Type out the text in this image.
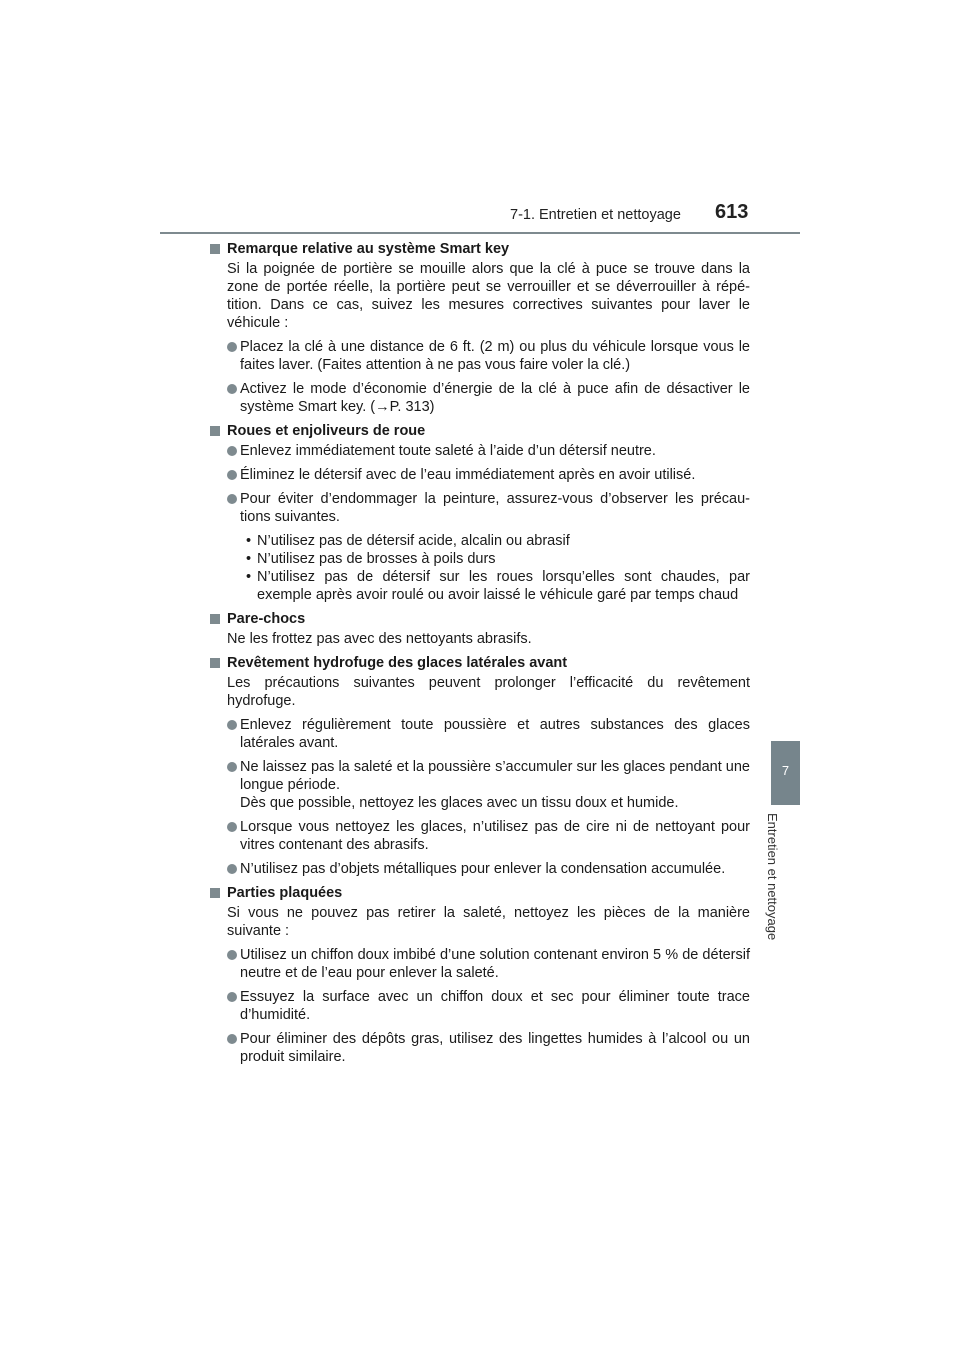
7-1. Entretien et nettoyage 613
7
Entretien et nettoyage
Remarque relative au système Smart key
Si la poignée de portière se mouille alors que la clé à puce se trouve dans la zone de portée réelle, la portière peut se verrouiller et se déverrouiller à répé-tition. Dans ce cas, suivez les mesures correctives suivantes pour laver le véhicule :
Placez la clé à une distance de 6 ft. (2 m) ou plus du véhicule lorsque vous le faites laver. (Faites attention à ne pas vous faire voler la clé.)
Activez le mode d’économie d’énergie de la clé à puce afin de désactiver le système Smart key. (→P. 313)
Roues et enjoliveurs de roue
Enlevez immédiatement toute saleté à l’aide d’un détersif neutre.
Éliminez le détersif avec de l’eau immédiatement après en avoir utilisé.
Pour éviter d’endommager la peinture, assurez-vous d’observer les précau-tions suivantes.
• N’utilisez pas de détersif acide, alcalin ou abrasif
• N’utilisez pas de brosses à poils durs
• N’utilisez pas de détersif sur les roues lorsqu’elles sont chaudes, par exemple après avoir roulé ou avoir laissé le véhicule garé par temps chaud
Pare-chocs
Ne les frottez pas avec des nettoyants abrasifs.
Revêtement hydrofuge des glaces latérales avant
Les précautions suivantes peuvent prolonger l’efficacité du revêtement hydrofuge.
Enlevez régulièrement toute poussière et autres substances des glaces latérales avant.
Ne laissez pas la saleté et la poussière s’accumuler sur les glaces pendant une longue période.
Dès que possible, nettoyez les glaces avec un tissu doux et humide.
Lorsque vous nettoyez les glaces, n’utilisez pas de cire ni de nettoyant pour vitres contenant des abrasifs.
N’utilisez pas d’objets métalliques pour enlever la condensation accumulée.
Parties plaquées
Si vous ne pouvez pas retirer la saleté, nettoyez les pièces de la manière suivante :
Utilisez un chiffon doux imbibé d’une solution contenant environ 5 % de détersif neutre et de l’eau pour enlever la saleté.
Essuyez la surface avec un chiffon doux et sec pour éliminer toute trace d’humidité.
Pour éliminer des dépôts gras, utilisez des lingettes humides à l’alcool ou un produit similaire.
